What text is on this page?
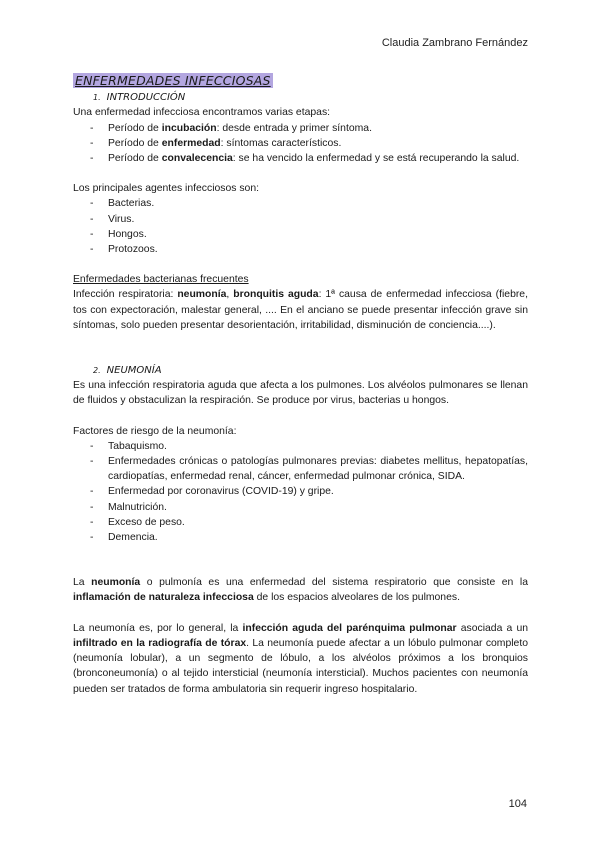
Claudia Zambrano Fernández
ENFERMEDADES INFECCIOSAS
1. INTRODUCCIÓN

Una enfermedad infecciosa encontramos varias etapas:

- Período de incubación: desde entrada y primer síntoma.
- Período de enfermedad: síntomas característicos.
- Período de convalecencia: se ha vencido la enfermedad y se está recuperando la salud.

Los principales agentes infecciosos son:

- Bacterias.
- Virus.
- Hongos.
- Protozoos.

Enfermedades bacterianas frecuentes

Infección respiratoria: neumonía, bronquitis aguda: 1ª causa de enfermedad infecciosa (fiebre, tos con expectoración, malestar general, .... En el anciano se puede presentar infección grave sin síntomas, solo pueden presentar desorientación, irritabilidad, disminución de conciencia....).

2. NEUMONÍA

Es una infección respiratoria aguda que afecta a los pulmones. Los alvéolos pulmonares se llenan de fluidos y obstaculizan la respiración. Se produce por virus, bacterias u hongos.

Factores de riesgo de la neumonía:

- Tabaquismo.
- Enfermedades crónicas o patologías pulmonares previas: diabetes mellitus, hepatopatías, cardiopatías, enfermedad renal, cáncer, enfermedad pulmonar crónica, SIDA.
- Enfermedad por coronavirus (COVID-19) y gripe.
- Malnutrición.
- Exceso de peso.
- Demencia.

La neumonía o pulmonía es una enfermedad del sistema respiratorio que consiste en la inflamación de naturaleza infecciosa de los espacios alveolares de los pulmones.

La neumonía es, por lo general, la infección aguda del parénquima pulmonar asociada a un infiltrado en la radiografía de tórax. La neumonía puede afectar a un lóbulo pulmonar completo (neumonía lobular), a un segmento de lóbulo, a los alvéolos próximos a los bronquios (bronconeumonía) o al tejido intersticial (neumonía intersticial). Muchos pacientes con neumonía pueden ser tratados de forma ambulatoria sin requerir ingreso hospitalario.

104
